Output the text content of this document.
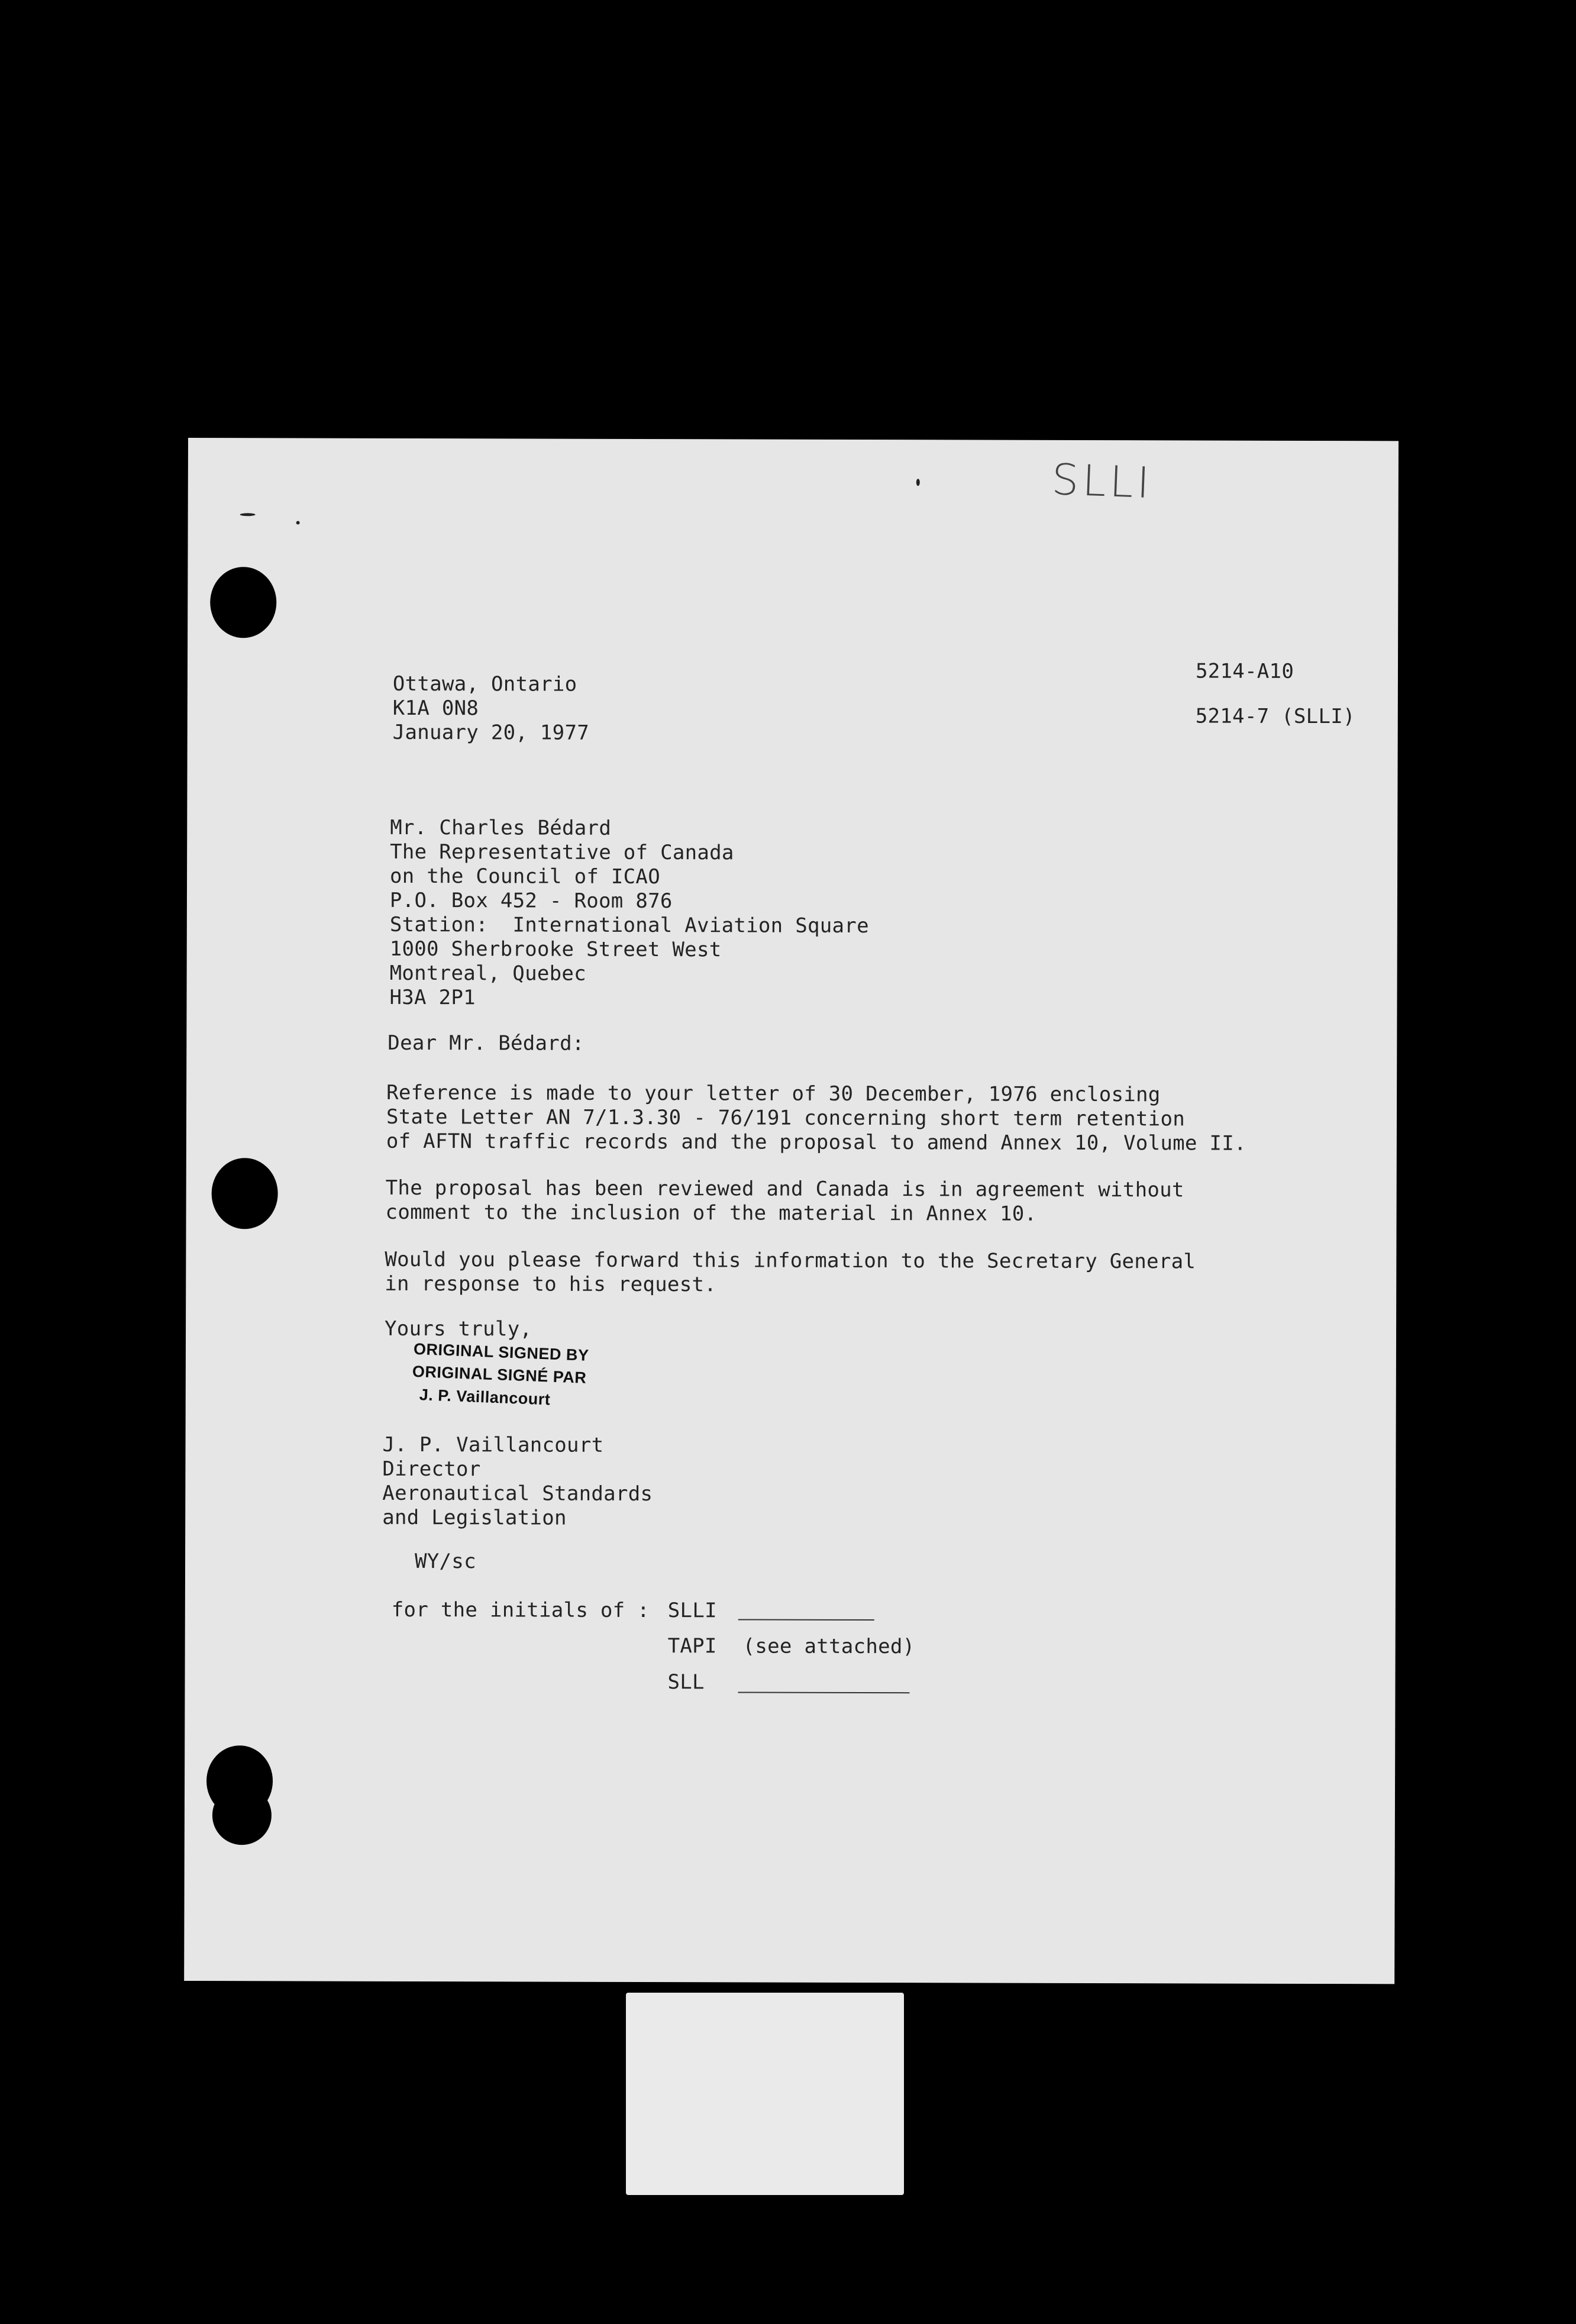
SLLI
5214-A10
5214-7 (SLLI)
Ottawa, Ontario
K1A 0N8
January 20, 1977
Mr. Charles Bédard
The Representative of Canada
on the Council of ICAO
P.O. Box 452 - Room 876
Station:  International Aviation Square
1000 Sherbrooke Street West
Montreal, Quebec
H3A 2P1
Dear Mr. Bédard:
Reference is made to your letter of 30 December, 1976 enclosing
State Letter AN 7/1.3.30 - 76/191 concerning short term retention
of AFTN traffic records and the proposal to amend Annex 10, Volume II.
The proposal has been reviewed and Canada is in agreement without
comment to the inclusion of the material in Annex 10.
Would you please forward this information to the Secretary General
in response to his request.
Yours truly,
ORIGINAL SIGNED BY
ORIGINAL SIGNÉ PAR
J. P. Vaillancourt
J. P. Vaillancourt
Director
Aeronautical Standards
and Legislation
WY/sc
for the initials of : SLLI
TAPI (see attached)
SLL
